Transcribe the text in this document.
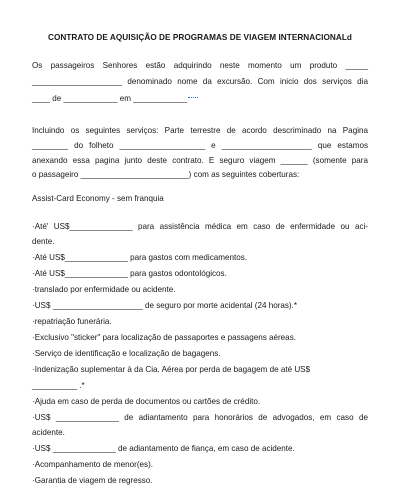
CONTRATO DE AQUISIÇÃO DE PROGRAMAS DE VIAGEM INTERNACIONALd
Os passageiros Senhores estão adquirindo neste momento um produto _____
____________________ denominado nome da excursão. Com inicio dos serviços dia
____ de ____________ em ____________
Incluindo os seguintes serviços: Parte terrestre de acordo descriminado na Pagina
________ do folheto ___________________ e ____________________ que estamos
anexando essa pagina junto deste contrato. E seguro viagem ______ (somente para
o passageiro ________________________) com as seguintes coberturas:
Assist-Card Economy - sem franquia
·Até' US$______________ para assistência médica em caso de enfermidade ou aci-
dente.
·Até US$______________ para gastos com medicamentos.
·Até US$______________ para gastos odontológicos.
·translado por enfermidade ou acidente.
·US$ ____________________ de seguro por morte acidental (24 horas).*
·repatriação funerária.
·Exclusivo "sticker" para localização de passaportes e passagens aéreas.
·Serviço de identificação e localização de bagagens.
·Indenização suplementar à da Cia. Aérea por perda de bagagem de até US$
__________ .*
·Ajuda em caso de perda de documentos ou cartões de crédito.
·US$ ______________ de adiantamento para honorários de advogados, em caso de
acidente.
·US$ ______________ de adiantamento de fiança, em caso de acidente.
·Acompanhamento de menor(es).
·Garantia de viagem de regresso.
